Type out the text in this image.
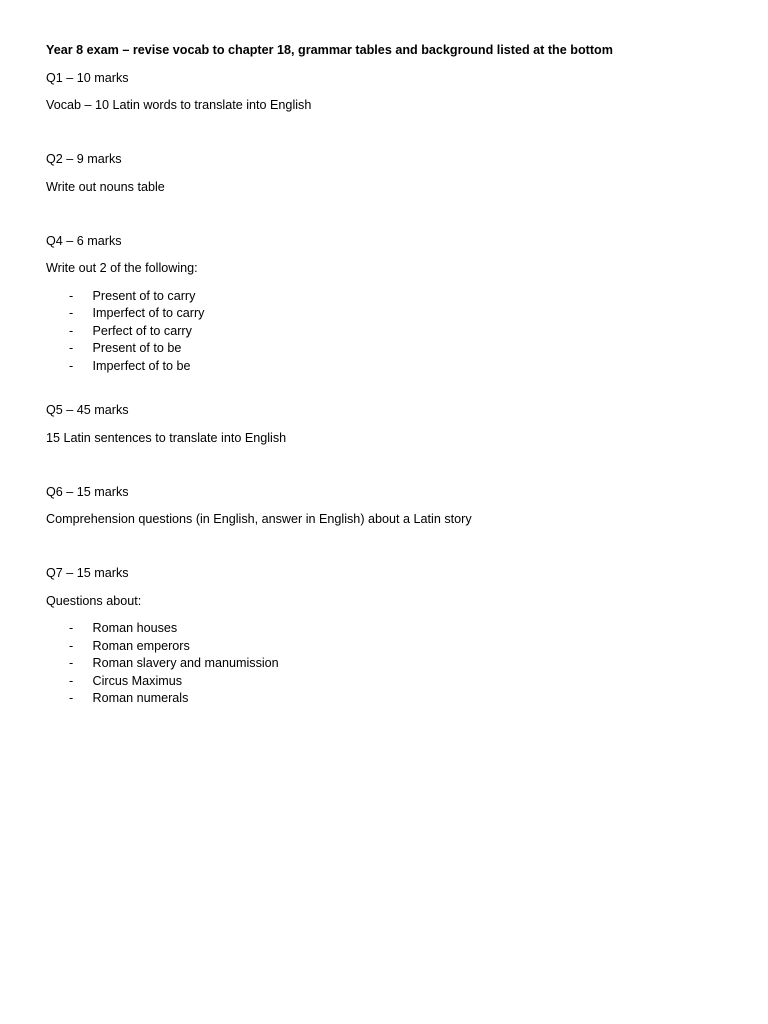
Year 8 exam – revise vocab to chapter 18, grammar tables and background listed at the bottom

Q1 – 10 marks

Vocab – 10 Latin words to translate into English

Q2 – 9 marks

Write out nouns table

Q4 – 6 marks

Write out 2 of the following:

- Present of to carry
- Imperfect of to carry
- Perfect of to carry
- Present of to be
- Imperfect of to be

Q5 – 45 marks

15 Latin sentences to translate into English

Q6 – 15 marks

Comprehension questions (in English, answer in English) about a Latin story

Q7 – 15 marks

Questions about:

- Roman houses
- Roman emperors
- Roman slavery and manumission
- Circus Maximus
- Roman numerals
